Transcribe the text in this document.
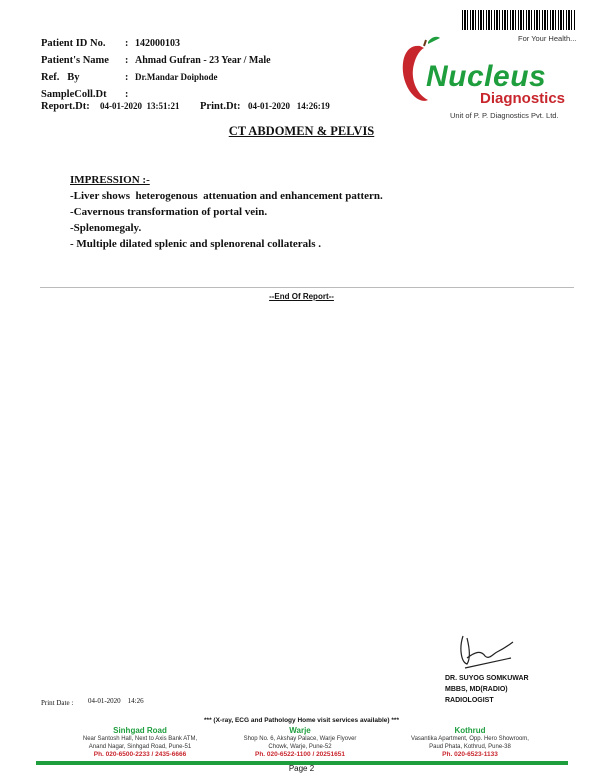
Patient ID No. : 142000103
Patient's Name : Ahmad Gufran - 23 Year / Male
Ref.   By	: Dr.Mandar Doiphode
SampleColl.Dt :
Report.Dt: 04-01-2020  13:51:21 Print.Dt: 04-01-2020   14:26:19
For Your Health...
Nucleus
Diagnostics
Unit of P. P. Diagnostics Pvt. Ltd.
CT ABDOMEN & PELVIS
IMPRESSION :-
-Liver shows  heterogenous  attenuation and enhancement pattern.
-Cavernous transformation of portal vein.
-Splenomegaly.
- Multiple dilated splenic and splenorenal collaterals .
--End Of Report--
DR. SUYOG SOMKUWAR
MBBS, MD(RADIO)
RADIOLOGIST
Print Date : 04-01-2020    14:26
*** (X-ray, ECG and Pathology Home visit services available) ***
Sinhgad Road
Near Santosh Hall, Next to Axis Bank ATM,
Anand Nagar, Sinhgad Road, Pune-51
Ph. 020-6500-2233 / 2435-6666
Warje
Shop No. 6, Akshay Palace, Warje Flyover
Chowk, Warje, Pune-52
Ph. 020-6522-1100 / 20251651
Kothrud
Vasantika Apartment, Opp. Hero Showroom,
Paud Phata, Kothrud, Pune-38
Ph. 020-6523-1133
Page 2
